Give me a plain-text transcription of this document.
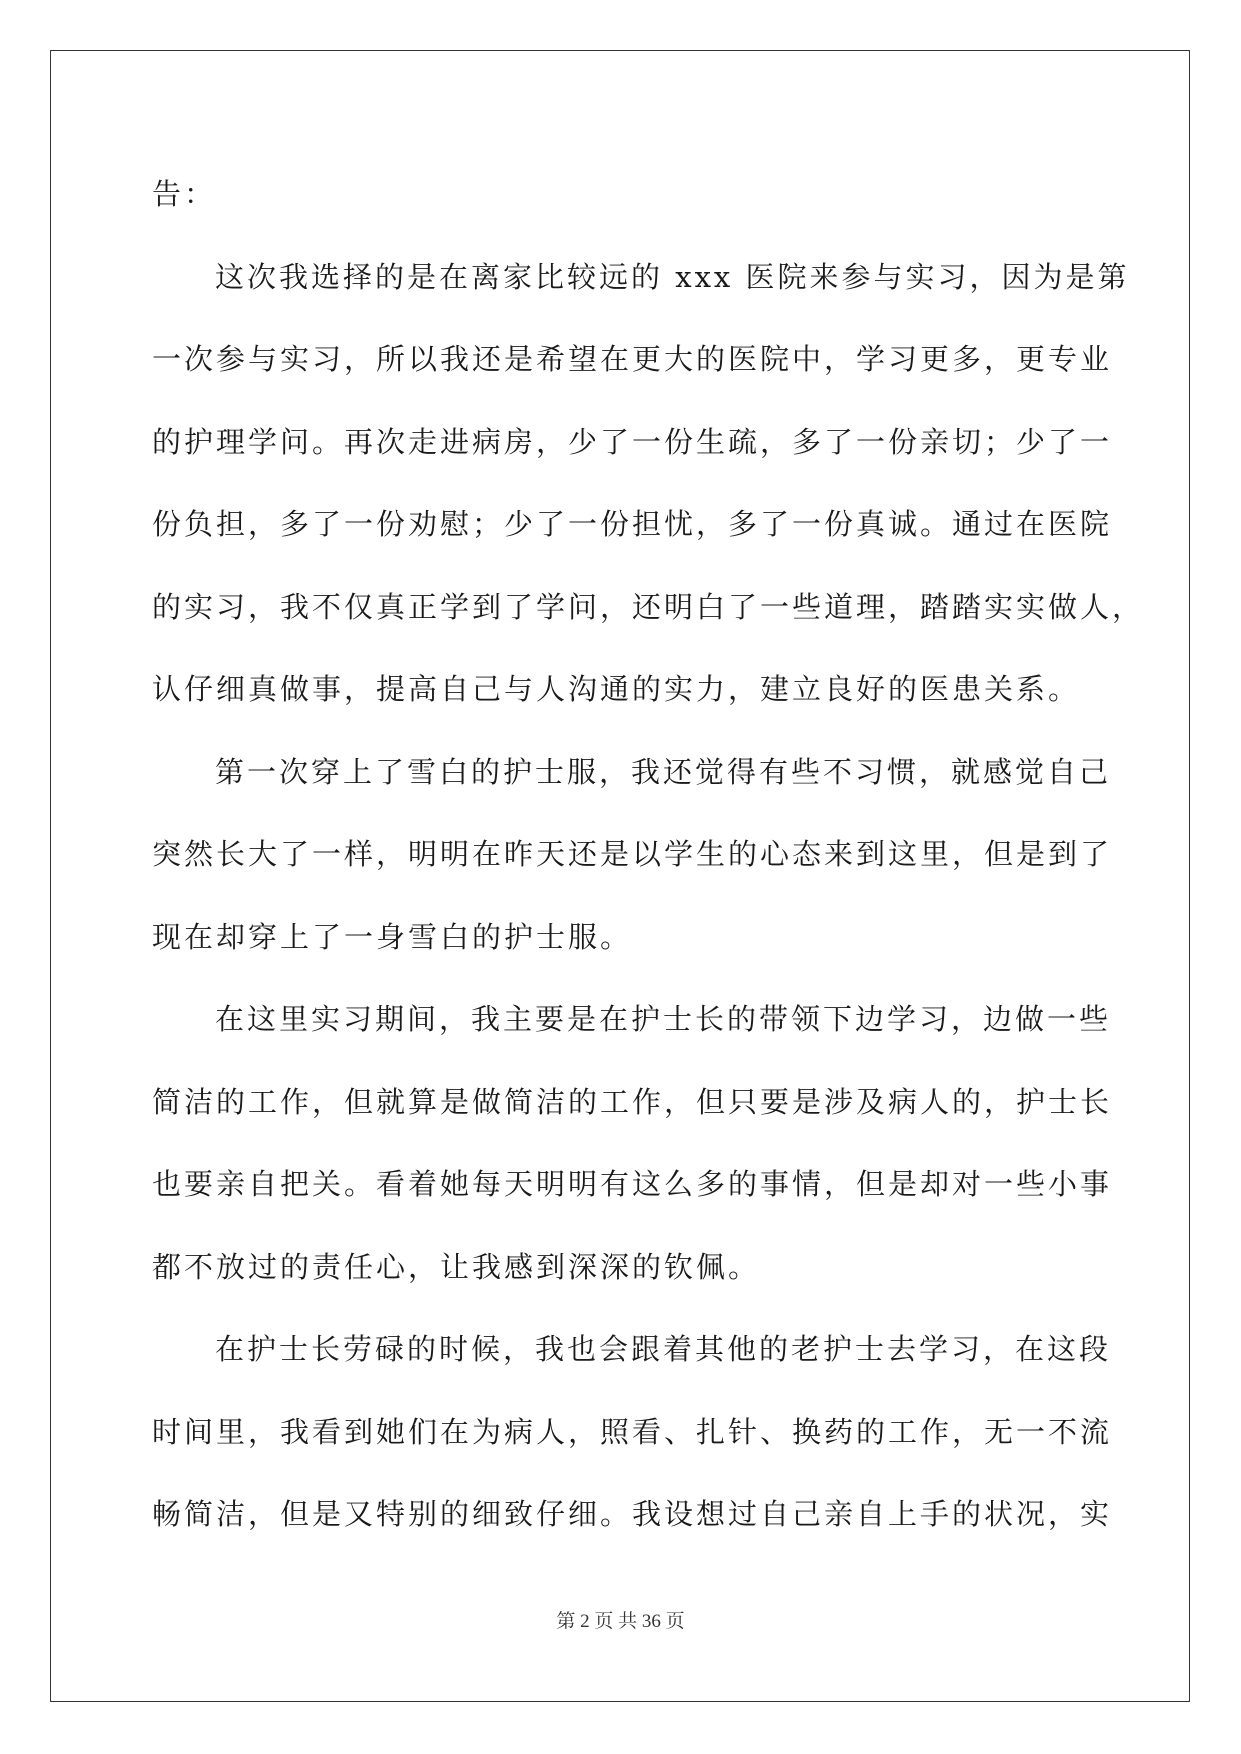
告：
这次我选择的是在离家比较远的 xxx 医院来参与实习，因为是第
一次参与实习，所以我还是希望在更大的医院中，学习更多，更专业
的护理学问。再次走进病房，少了一份生疏，多了一份亲切；少了一
份负担，多了一份劝慰；少了一份担忧，多了一份真诚。通过在医院
的实习，我不仅真正学到了学问，还明白了一些道理，踏踏实实做人，
认仔细真做事，提高自己与人沟通的实力，建立良好的医患关系。
第一次穿上了雪白的护士服，我还觉得有些不习惯，就感觉自己
突然长大了一样，明明在昨天还是以学生的心态来到这里，但是到了
现在却穿上了一身雪白的护士服。
在这里实习期间，我主要是在护士长的带领下边学习，边做一些
简洁的工作，但就算是做简洁的工作，但只要是涉及病人的，护士长
也要亲自把关。看着她每天明明有这么多的事情，但是却对一些小事
都不放过的责任心，让我感到深深的钦佩。
在护士长劳碌的时候，我也会跟着其他的老护士去学习，在这段
时间里，我看到她们在为病人，照看、扎针、换药的工作，无一不流
畅简洁，但是又特别的细致仔细。我设想过自己亲自上手的状况，实
第 2 页 共 36 页
